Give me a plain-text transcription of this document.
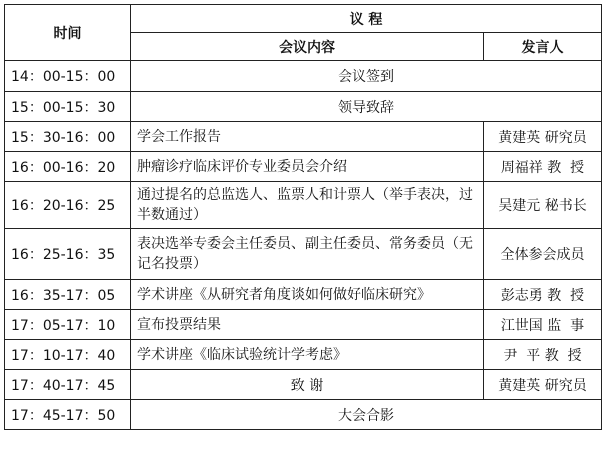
时间	议 程	
	会议内容	发言人
14：00-15：00	会议签到	
15：00-15：30	领导致辞	
15：30-16：00	学会工作报告	黄建英 研究员
16：00-16：20	肿瘤诊疗临床评价专业委员会介绍	周福祥 教  授
16：20-16：25	通过提名的总监选人、监票人和计票人（举手表决，过半数通过）	吴建元 秘书长
16：25-16：35	表决选举专委会主任委员、副主任委员、常务委员（无记名投票）	全体参会成员
16：35-17：05	学术讲座《从研究者角度谈如何做好临床研究》	彭志勇 教  授
17：05-17：10	宣布投票结果	江世国 监  事
17：10-17：40	学术讲座《临床试验统计学考虑》	尹  平 教  授
17：40-17：45	致 谢	黄建英 研究员
17：45-17：50	大会合影	
